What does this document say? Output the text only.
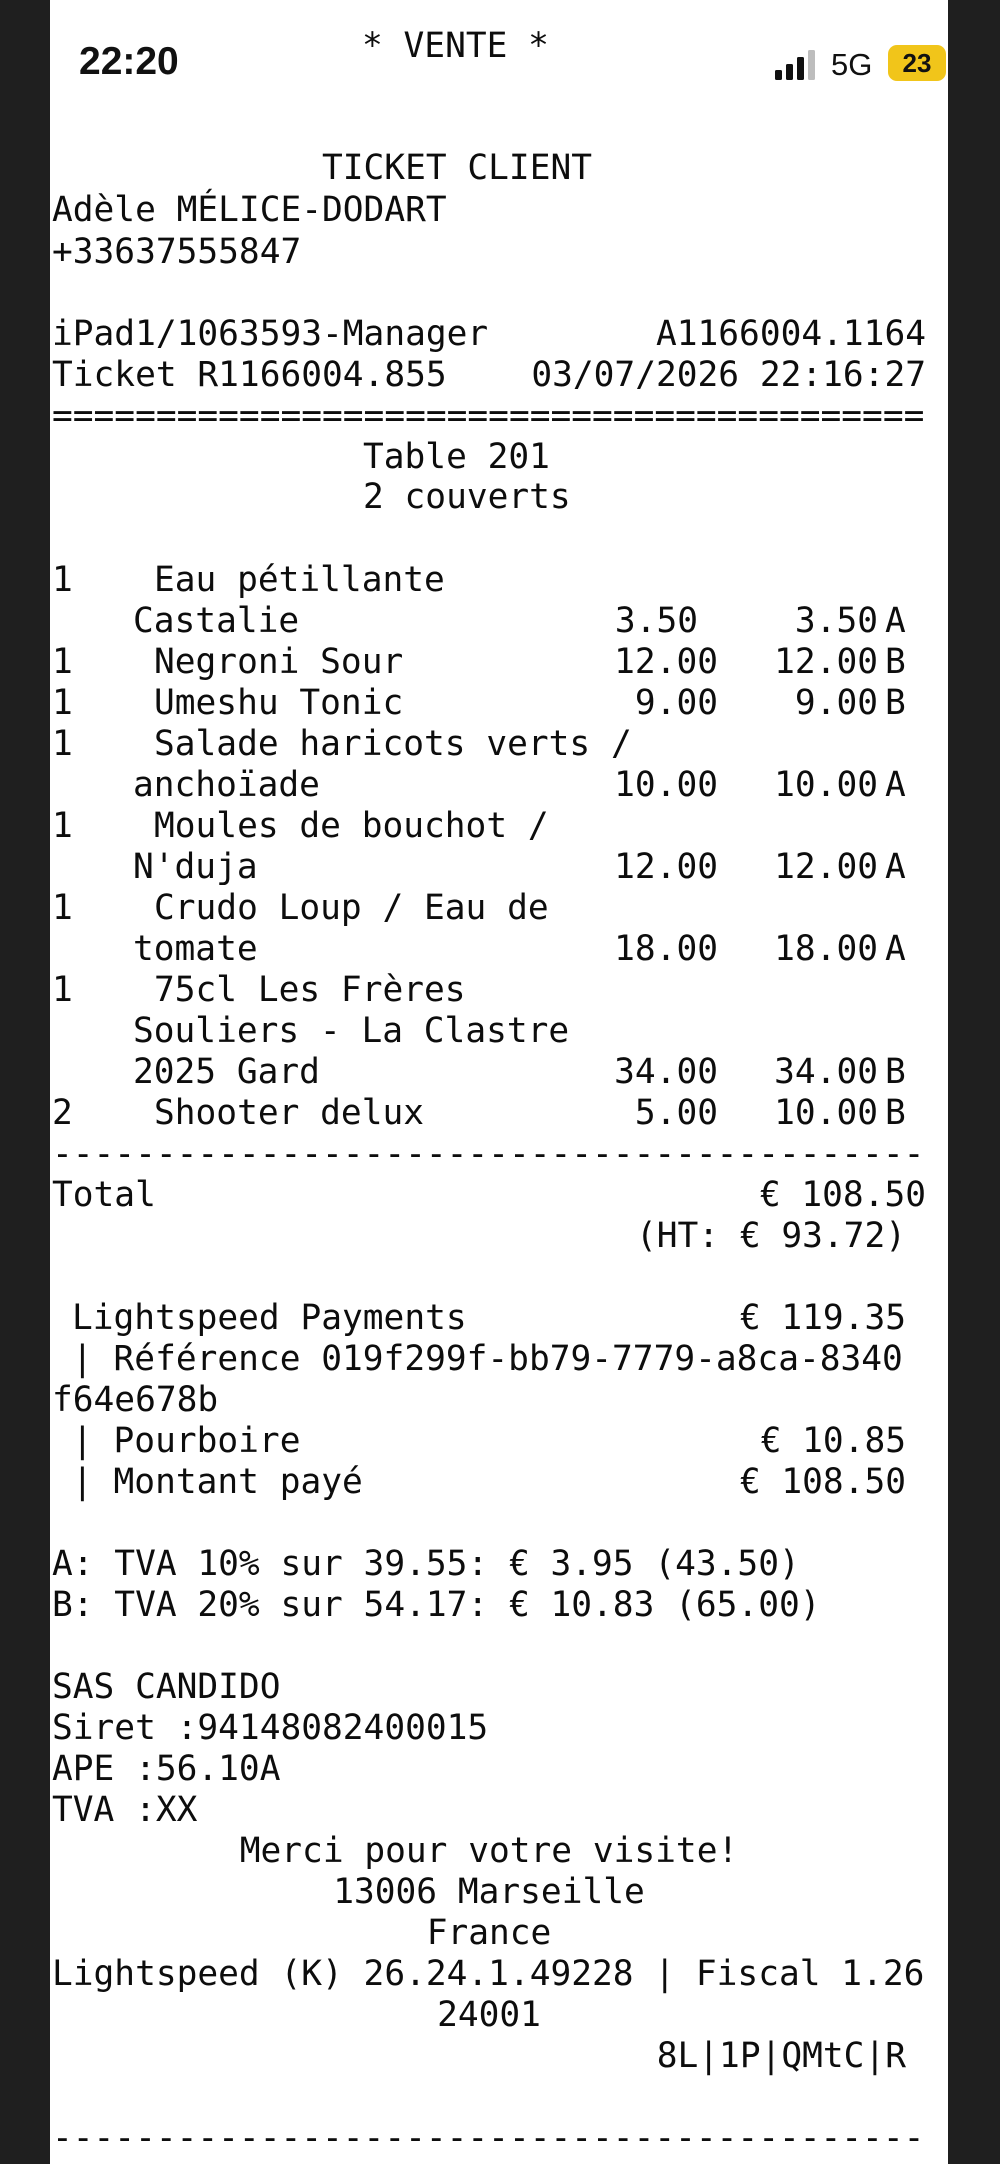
22:20	5G	23
* VENTE *
TICKET CLIENT
Adèle MÉLICE-DODART
+33637555847
iPad1/1063593-Manager	A1166004.1164
Ticket R1166004.855	03/07/2026 22:16:27
==========================================
Table 201
2 couverts
1 Eau pétillante
Castalie	3.50	3.50 A
1 Negroni Sour	12.00	12.00 B
1 Umeshu Tonic	9.00	9.00 B
1 Salade haricots verts /
anchoïade	10.00	10.00 A
1 Moules de bouchot /
N'duja	12.00	12.00 A
1 Crudo Loup / Eau de
tomate	18.00	18.00 A
1 75cl Les Frères
Souliers - La Clastre
2025 Gard	34.00	34.00 B
2 Shooter delux	5.00	10.00 B
------------------------------------------
Total	€ 108.50
(HT: € 93.72)
Lightspeed Payments	€ 119.35
| Référence 019f299f-bb79-7779-a8ca-8340
f64e678b
| Pourboire	€ 10.85
| Montant payé	€ 108.50
A: TVA 10% sur 39.55: € 3.95 (43.50)
B: TVA 20% sur 54.17: € 10.83 (65.00)
SAS CANDIDO
Siret :94148082400015
APE :56.10A
TVA :XX
Merci pour votre visite!
13006 Marseille
France
Lightspeed (K) 26.24.1.49228 | Fiscal 1.26
24001
8L|1P|QMtC|R
------------------------------------------
